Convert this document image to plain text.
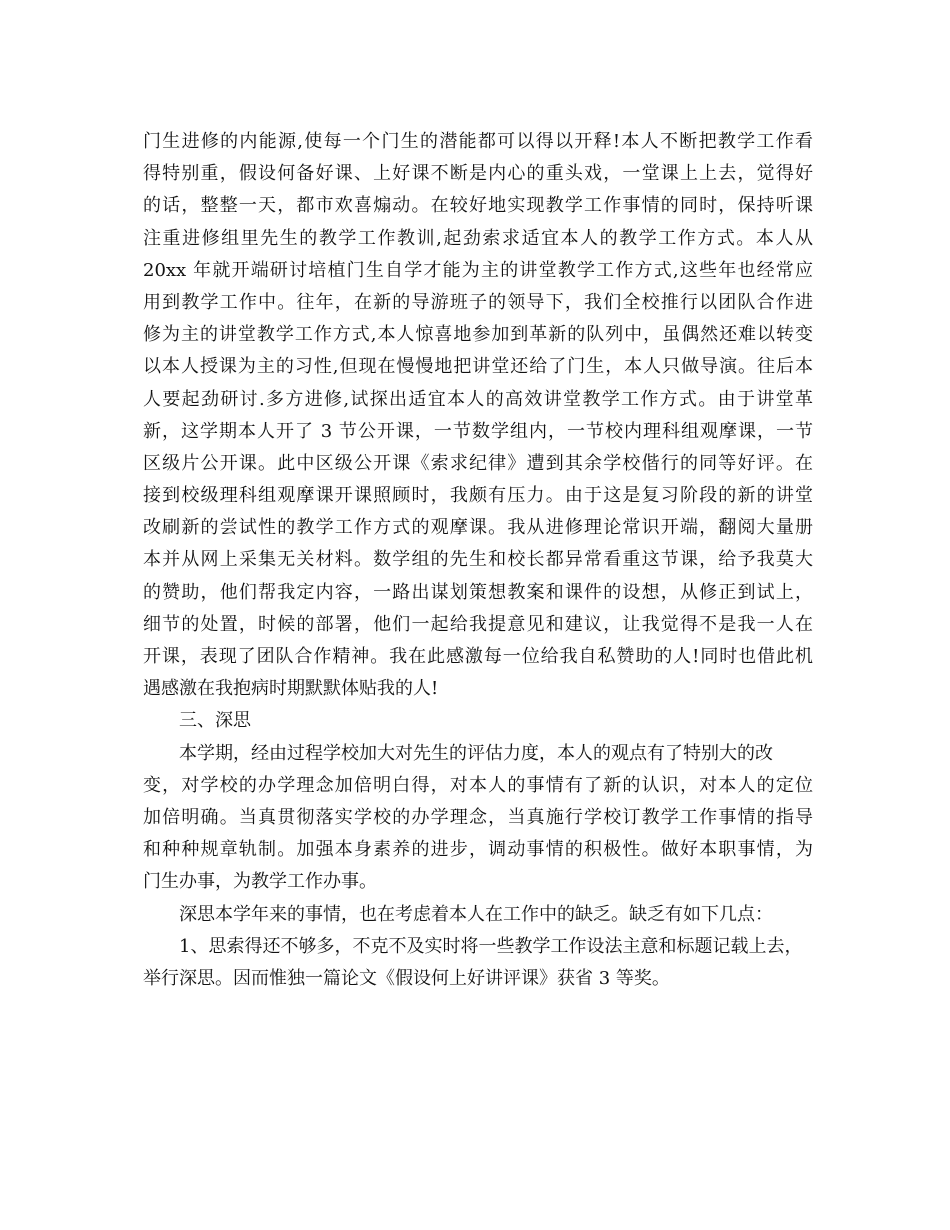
门生进修的内能源,使每一个门生的潜能都可以得以开释!本人不断把教学工作看
得特别重，假设何备好课、上好课不断是内心的重头戏，一堂课上上去，觉得好
的话，整整一天，都市欢喜煽动。在较好地实现教学工作事情的同时，保持听课
注重进修组里先生的教学工作教训,起劲索求适宜本人的教学工作方式。本人从
20xx 年就开端研讨培植门生自学才能为主的讲堂教学工作方式,这些年也经常应
用到教学工作中。往年，在新的导游班子的领导下，我们全校推行以团队合作进
修为主的讲堂教学工作方式,本人惊喜地参加到革新的队列中，虽偶然还难以转变
以本人授课为主的习性,但现在慢慢地把讲堂还给了门生，本人只做导演。往后本
人要起劲研讨.多方进修,试探出适宜本人的高效讲堂教学工作方式。由于讲堂革
新，这学期本人开了 3 节公开课，一节数学组内，一节校内理科组观摩课，一节
区级片公开课。此中区级公开课《索求纪律》遭到其余学校偕行的同等好评。在
接到校级理科组观摩课开课照顾时，我颇有压力。由于这是复习阶段的新的讲堂
改刷新的尝试性的教学工作方式的观摩课。我从进修理论常识开端，翻阅大量册
本并从网上采集无关材料。数学组的先生和校长都异常看重这节课，给予我莫大
的赞助，他们帮我定内容，一路出谋划策想教案和课件的设想，从修正到试上，
细节的处置，时候的部署，他们一起给我提意见和建议，让我觉得不是我一人在
开课，表现了团队合作精神。我在此感激每一位给我自私赞助的人!同时也借此机
遇感激在我抱病时期默默体贴我的人!
三、深思
本学期，经由过程学校加大对先生的评估力度，本人的观点有了特别大的改
变，对学校的办学理念加倍明白得，对本人的事情有了新的认识，对本人的定位
加倍明确。当真贯彻落实学校的办学理念，当真施行学校订教学工作事情的指导
和种种规章轨制。加强本身素养的进步，调动事情的积极性。做好本职事情，为
门生办事，为教学工作办事。
深思本学年来的事情，也在考虑着本人在工作中的缺乏。缺乏有如下几点：
1、思索得还不够多，不克不及实时将一些教学工作设法主意和标题记载上去，
举行深思。因而惟独一篇论文《假设何上好讲评课》获省 3 等奖。
